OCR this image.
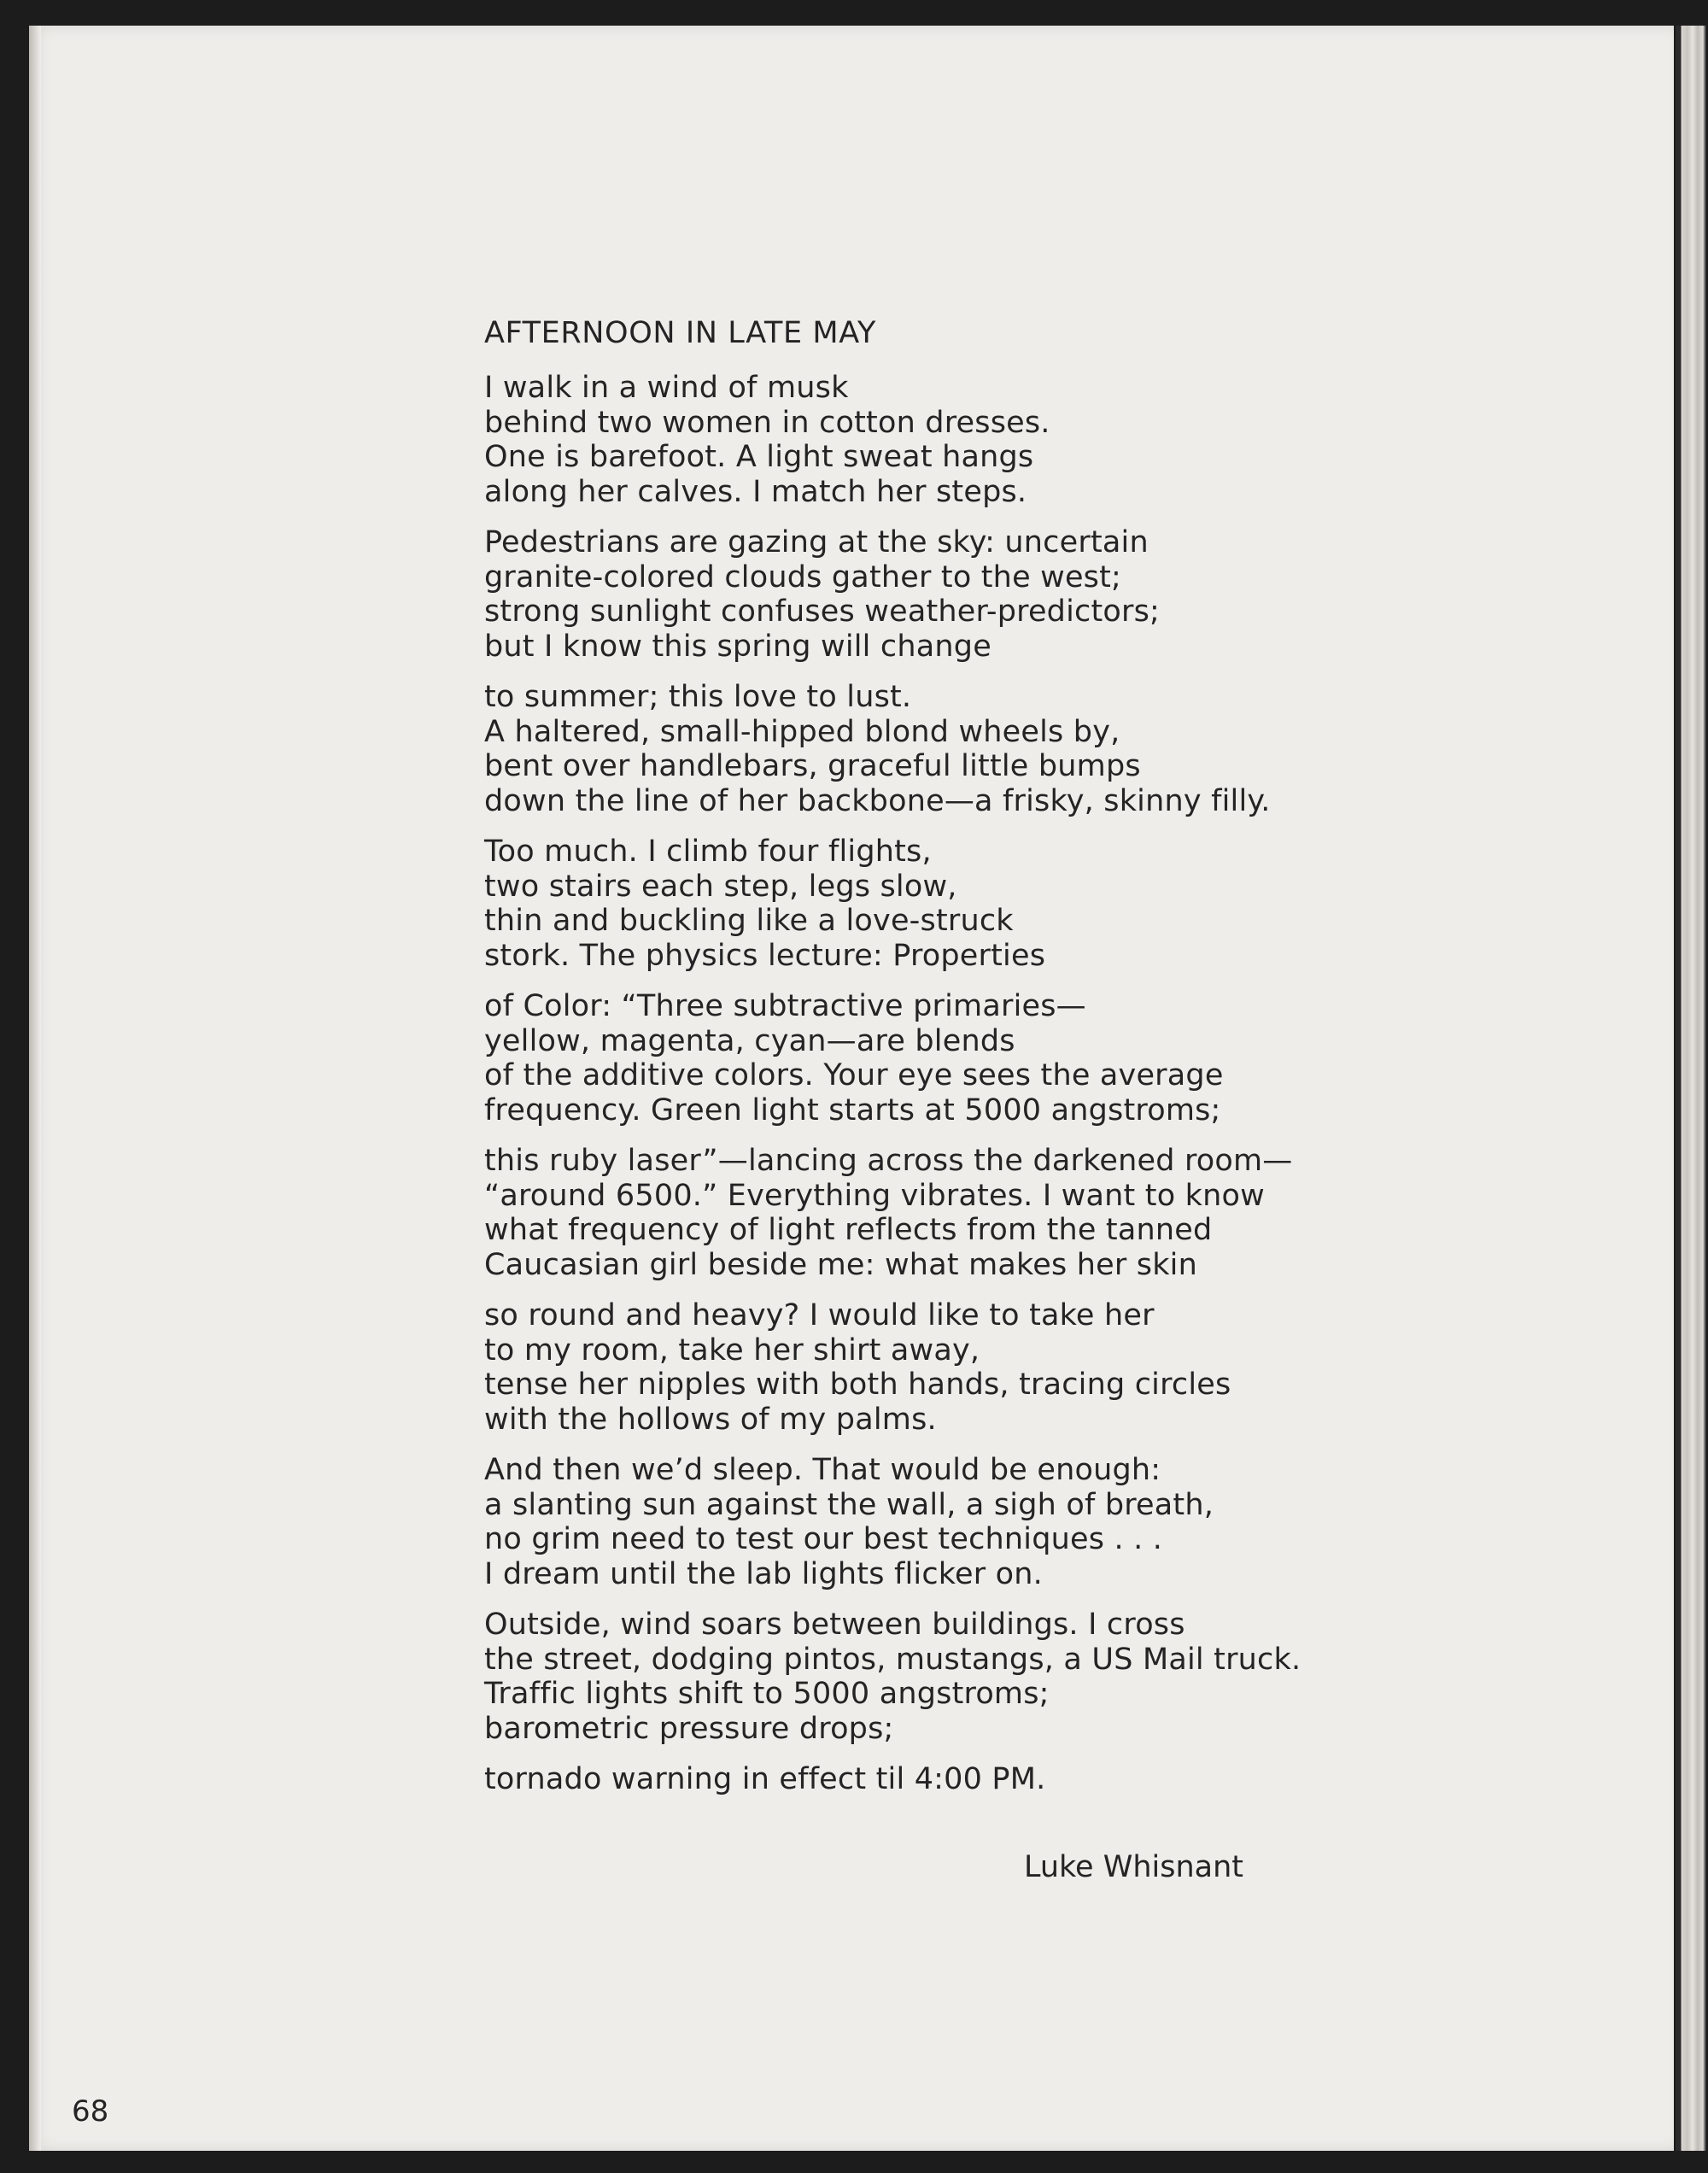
AFTERNOON IN LATE MAY
I walk in a wind of musk
behind two women in cotton dresses.
One is barefoot. A light sweat hangs
along her calves. I match her steps.
Pedestrians are gazing at the sky: uncertain
granite-colored clouds gather to the west;
strong sunlight confuses weather-predictors;
but I know this spring will change
to summer; this love to lust.
A haltered, small-hipped blond wheels by,
bent over handlebars, graceful little bumps
down the line of her backbone—a frisky, skinny filly.
Too much. I climb four flights,
two stairs each step, legs slow,
thin and buckling like a love-struck
stork. The physics lecture: Properties
of Color: “Three subtractive primaries—
yellow, magenta, cyan—are blends
of the additive colors. Your eye sees the average
frequency. Green light starts at 5000 angstroms;
this ruby laser”—lancing across the darkened room—
“around 6500.” Everything vibrates. I want to know
what frequency of light reflects from the tanned
Caucasian girl beside me: what makes her skin
so round and heavy? I would like to take her
to my room, take her shirt away,
tense her nipples with both hands, tracing circles
with the hollows of my palms.
And then we’d sleep. That would be enough:
a slanting sun against the wall, a sigh of breath,
no grim need to test our best techniques . . .
I dream until the lab lights flicker on.
Outside, wind soars between buildings. I cross
the street, dodging pintos, mustangs, a US Mail truck.
Traffic lights shift to 5000 angstroms;
barometric pressure drops;
tornado warning in effect til 4:00 PM.
Luke Whisnant
68
